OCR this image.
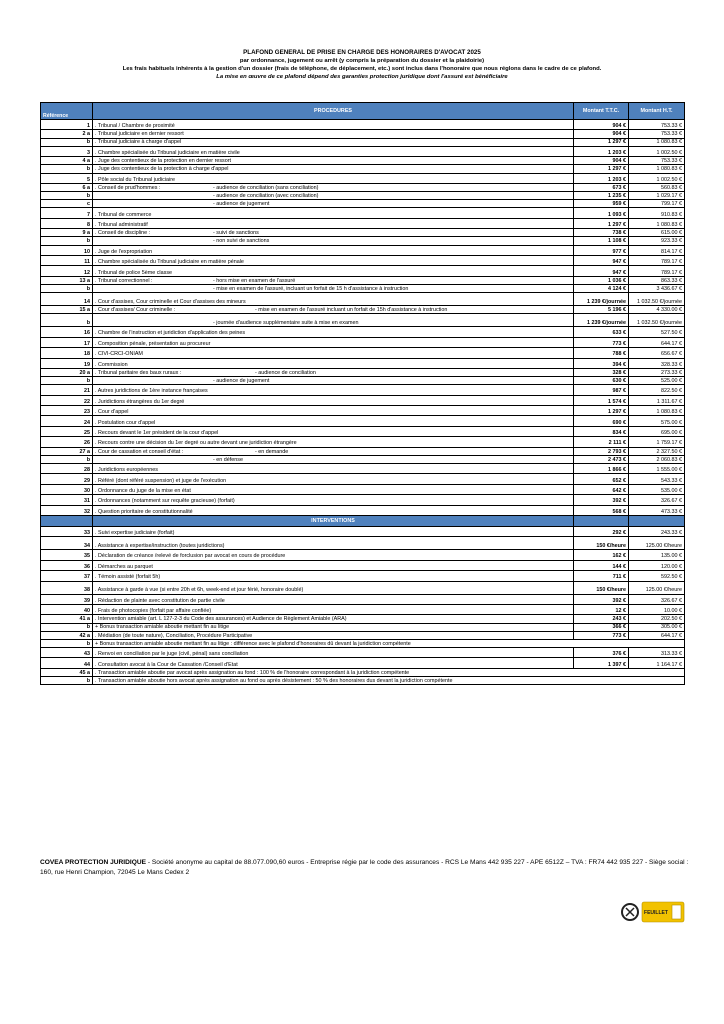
PLAFOND GENERAL DE PRISE EN CHARGE DES HONORAIRES D'AVOCAT 2025
par ordonnance, jugement ou arrêt (y compris la préparation du dossier et la plaidoirie)
Les frais habituels inhérents à la gestion d'un dossier (frais de téléphone, de déplacement, etc.) sont inclus dans l'honoraire que nous réglons dans le cadre de ce plafond.
La mise en œuvre de ce plafond dépend des garanties protection juridique dont l'assuré est bénéficiaire
Référence	PROCEDURES	Montant T.T.C.	Montant H.T.
1	. Tribunal / Chambre de proximité	904 €	753.33 €
2 a	. Tribunal judiciaire en dernier ressort	904 €	753.33 €
b	. Tribunal judiciaire à charge d'appel	1 297 €	1 080.83 €
3	. Chambre spécialisée du Tribunal judiciaire en matière civile	1 203 €	1 002.50 €
4 a	. Juge des contentieux de la protection en dernier ressort	904 €	753.33 €
b	. Juge des contentieux de la protection à charge d'appel	1 297 €	1 080.83 €
5	. Pôle social du Tribunal judiciaire	1 203 €	1 002.50 €
6 a	. Conseil de prud'hommes : - audience de conciliation (sans conciliation)	673 €	560.83 €
b	- audience de conciliation (avec conciliation)	1 235 €	1 029.17 €
c	- audience de jugement	959 €	799.17 €
7	. Tribunal de commerce	1 093 €	910.83 €
8	. Tribunal administratif	1 297 €	1 080.83 €
9 a	. Conseil de discipline : - suivi de sanctions	738 €	615.00 €
b	- non suivi de sanctions	1 108 €	923.33 €
10	. Juge de l'expropriation	977 €	814.17 €
11	. Chambre spécialisée du Tribunal judiciaire en matière pénale	947 €	789.17 €
12	. Tribunal de police 5ème classe	947 €	789.17 €
13 a	. Tribunal correctionnel : - hors mise en examen de l'assuré	1 036 €	863.33 €
b	- mise en examen de l'assuré, incluant un forfait de 15 h d'assistance à instruction	4 124 €	3 436.67 €
14	. Cour d'assises, Cour criminelle et Cour d'assises des mineurs	1 239 €/journée	1 032.50 €/journée
15 a	. Cour d'assises/ Cour criminelle : - mise en examen de l'assuré incluant un forfait de 15h d'assistance à instruction	5 196 €	4 330.00 €
b	- journée d'audience supplémentaire suite à mise en examen	1 239 €/journée	1 032.50 €/journée
16	. Chambre de l'instruction et juridiction d'application des peines	633 €	527.50 €
17	. Composition pénale, présentation au procureur	773 €	644.17 €
18	. CIVI-CRCI-ONIAM	788 €	656.67 €
19	. Commission	394 €	328.33 €
20 a	. Tribunal paritaire des baux ruraux : - audience de conciliation	328 €	273.33 €
b	- audience de jugement	630 €	525.00 €
21	. Autres juridictions de 1ère instance françaises	987 €	822.50 €
22	. Juridictions étrangères du 1er degré	1 574 €	1 311.67 €
23	. Cour d'appel	1 297 €	1 080.83 €
24	. Postulation cour d'appel	690 €	575.00 €
25	. Recours devant le 1er président de la cour d'appel	834 €	695.00 €
26	. Recours contre une décision du 1er degré ou autre devant une juridiction étrangère	2 111 €	1 759.17 €
27 a	. Cour de cassation et conseil d'état : - en demande	2 793 €	2 327.50 €
b	- en défense	2 473 €	2 060.83 €
28	. Juridictions européennes	1 866 €	1 555.00 €
29	. Référé (dont référé suspension) et juge de l'exécution	652 €	543.33 €
30	. Ordonnance du juge de la mise en état	642 €	535.00 €
31	. Ordonnances (notamment sur requête gracieuse) (forfait)	392 €	326.67 €
32	. Question prioritaire de constitutionnalité	568 €	473.33 €
	INTERVENTIONS		
33	. Suivi expertise judiciaire (forfait)	292 €	243.33 €
34	. Assistance à expertise/instruction (toutes juridictions)	150 €/heure	125.00 €/heure
35	. Déclaration de créance /relevé de forclusion par avocat en cours de procédure	162 €	135.00 €
36	. Démarches au parquet	144 €	120.00 €
37	. Témoin assisté (forfait 5h)	711 €	592.50 €
38	. Assistance à garde à vue (si entre 20h et 6h, week-end et jour férié, honoraire doublé)	150 €/heure	125.00 €/heure
39	. Rédaction de plainte avec constitution de partie civile	392 €	326.67 €
40	. Frais de photocopies (forfait par affaire confiée)	12 €	10.00 €
41 a	. Intervention amiable (art. L 127-2-3 du Code des assurances) et Audience de Règlement Amiable (ARA)	243 €	202.50 €
b	+ Bonus transaction amiable aboutie mettant fin au litige	366 €	305.00 €
42 a	. Médiation (de toute nature), Conciliation, Procédure Participative	773 €	644.17 €
b	+ Bonus transaction amiable aboutie mettant fin au litige : différence avec le plafond d'honoraires dû devant la juridiction compétente		
43	. Renvoi en conciliation par le juge (civil, pénal) sans conciliation	376 €	313.33 €
44	. Consultation avocat à la Cour de Cassation /Conseil d'Etat	1 397 €	1 164.17 €
45 a	. Transaction amiable aboutie par avocat après assignation au fond : 100 % de l'honoraire correspondant à la juridiction compétente		
b	. Transaction amiable aboutie hors avocat après assignation au fond ou après désistement : 50 % des honoraires dus devant la juridiction compétente		
COVEA PROTECTION JURIDIQUE - Société anonyme au capital de 88.077.090,60 euros - Entreprise régie par le code des assurances - RCS Le Mans 442 935 227 - APE 6512Z – TVA : FR74 442 935 227 - Siège social : 160, rue Henri Champion, 72045 Le Mans Cedex 2
FEUILLET
